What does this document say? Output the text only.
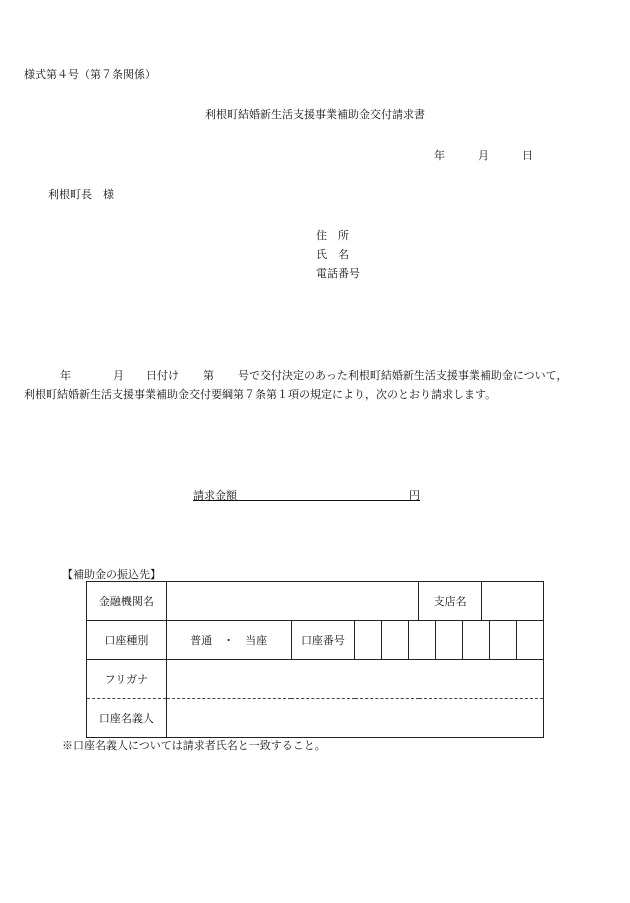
様式第４号（第７条関係）
利根町結婚新生活支援事業補助金交付請求書
年	月	日
利根町長　様
住　所
氏　名
電話番号
年	月 日付け 第 号で交付決定のあった利根町結婚新生活支援事業補助金について，
利根町結婚新生活支援事業補助金交付要綱第７条第１項の規定により，次のとおり請求します。
請求金額	円
【補助金の振込先】
金融機関名				支店名

口座種別	普通　・　当座	口座番号		

フリガナ				
口座名義人				
※口座名義人については請求者氏名と一致すること。
